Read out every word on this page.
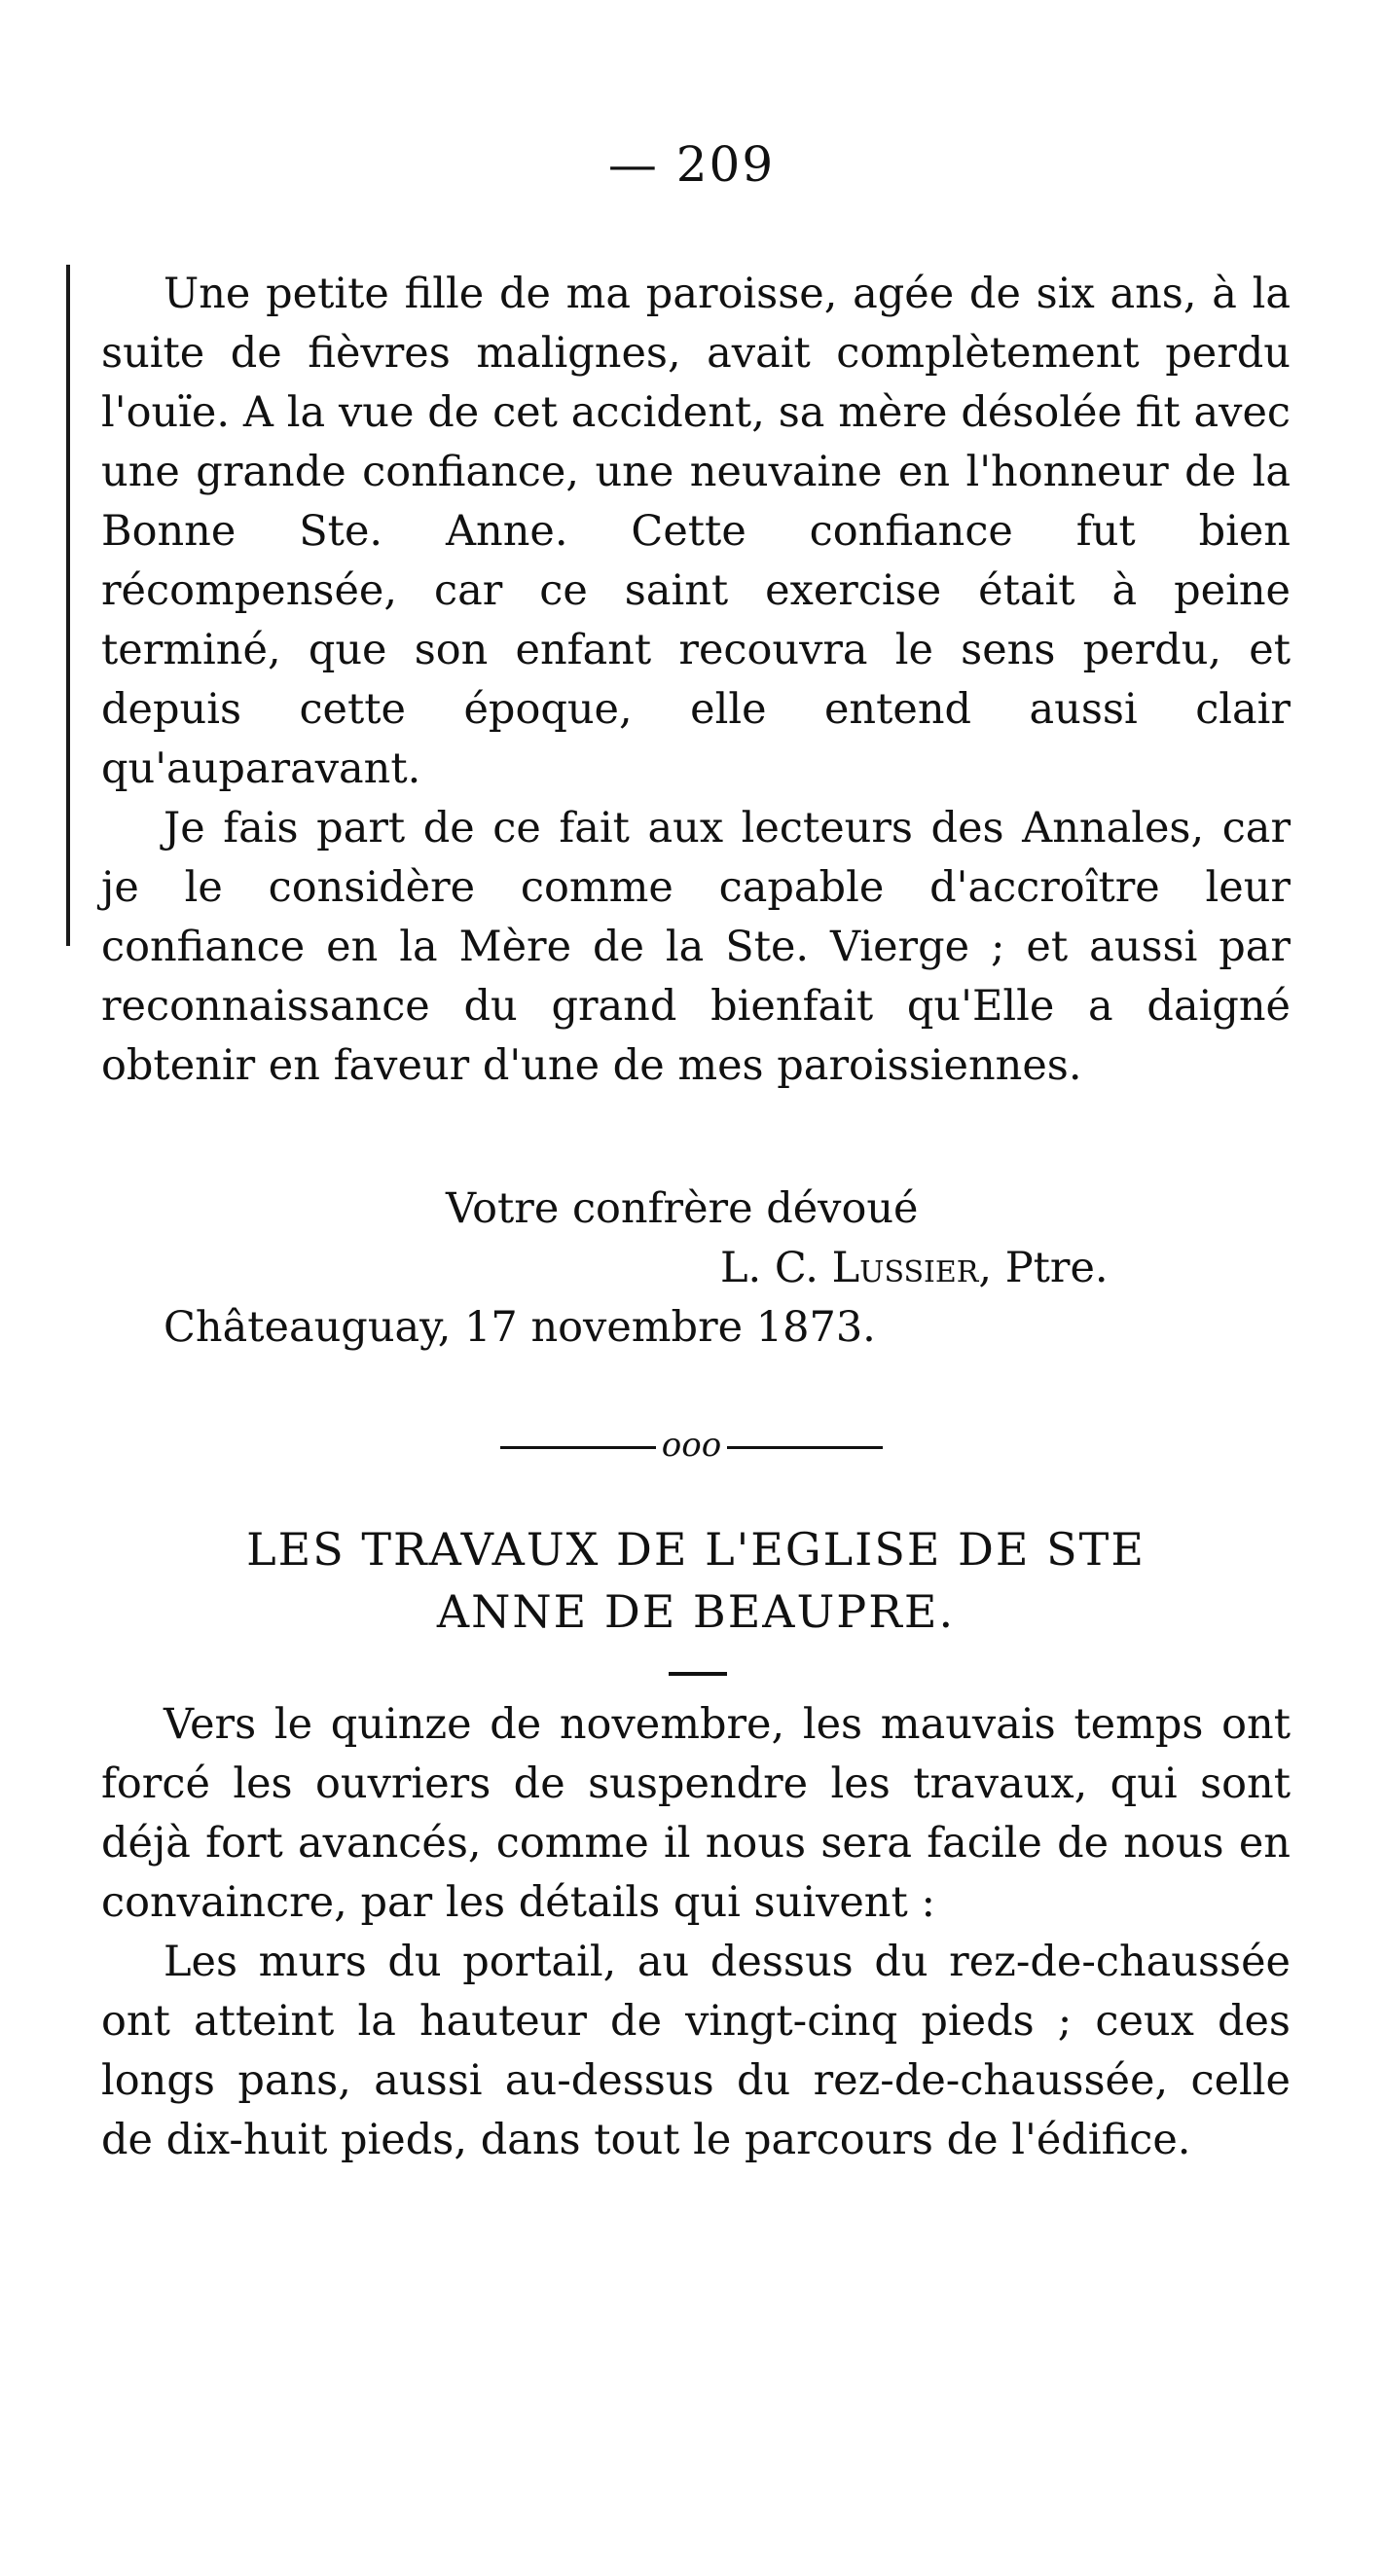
— 209

Une petite fille de ma paroisse, agée de six ans, à la suite de fièvres malignes, avait complètement perdu l'ouïe. A la vue de cet accident, sa mère désolée fit avec une grande confiance, une neuvaine en l'honneur de la Bonne Ste. Anne. Cette confiance fut bien récompensée, car ce saint exercise était à peine terminé, que son enfant recouvra le sens perdu, et depuis cette époque, elle entend aussi clair qu'auparavant.

Je fais part de ce fait aux lecteurs des Annales, car je le considère comme capable d'accroître leur confiance en la Mère de la Ste. Vierge ; et aussi par reconnaissance du grand bienfait qu'Elle a daigné obtenir en faveur d'une de mes paroissiennes.

Votre confrère dévoué
L. C. Lussier, Ptre.
Châteauguay, 17 novembre 1873.
ooo
LES TRAVAUX DE L'EGLISE DE STE
ANNE DE BEAUPRE.

Vers le quinze de novembre, les mauvais temps ont forcé les ouvriers de suspendre les travaux, qui sont déjà fort avancés, comme il nous sera facile de nous en convaincre, par les détails qui suivent :

Les murs du portail, au dessus du rez-de-chaussée ont atteint la hauteur de vingt-cinq pieds ; ceux des longs pans, aussi au-dessus du rez-de-chaussée, celle de dix-huit pieds, dans tout le parcours de l'édifice.
